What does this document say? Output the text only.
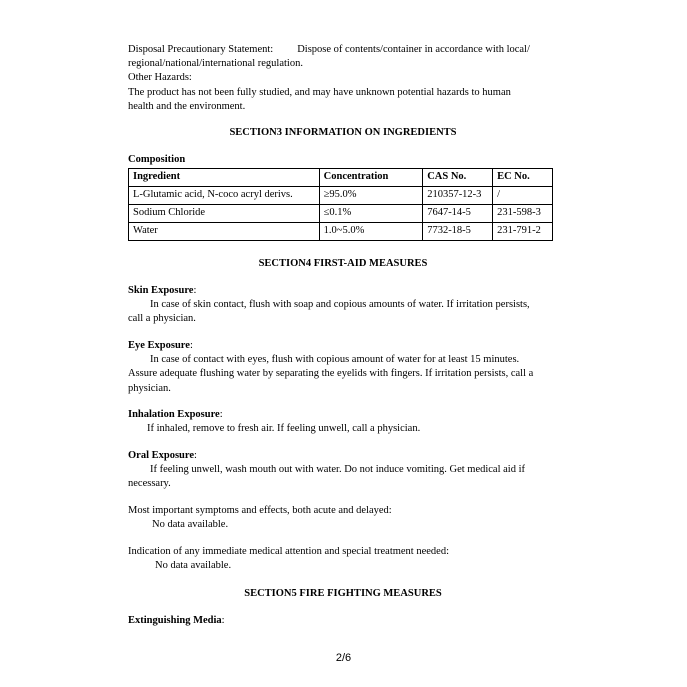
Disposal Precautionary Statement: Dispose of contents/container in accordance with local/
regional/national/international regulation.
Other Hazards:
The product has not been fully studied, and may have unknown potential hazards to human
health and the environment.
SECTION3 INFORMATION ON INGREDIENTS
Composition
Ingredient	Concentration	CAS No.	EC No.
L-Glutamic acid, N-coco acryl derivs.	≥95.0%	210357-12-3	/
Sodium Chloride	≤0.1%	7647-14-5	231-598-3
Water	1.0~5.0%	7732-18-5	231-791-2
SECTION4 FIRST-AID MEASURES
Skin Exposure:
In case of skin contact, flush with soap and copious amounts of water. If irritation persists,
call a physician.
Eye Exposure:
In case of contact with eyes, flush with copious amount of water for at least 15 minutes.
Assure adequate flushing water by separating the eyelids with fingers. If irritation persists, call a
physician.
Inhalation Exposure:
If inhaled, remove to fresh air. If feeling unwell, call a physician.
Oral Exposure:
If feeling unwell, wash mouth out with water. Do not induce vomiting. Get medical aid if
necessary.
Most important symptoms and effects, both acute and delayed:
No data available.
Indication of any immediate medical attention and special treatment needed:
No data available.
SECTION5 FIRE FIGHTING MEASURES
Extinguishing Media:
2/6
